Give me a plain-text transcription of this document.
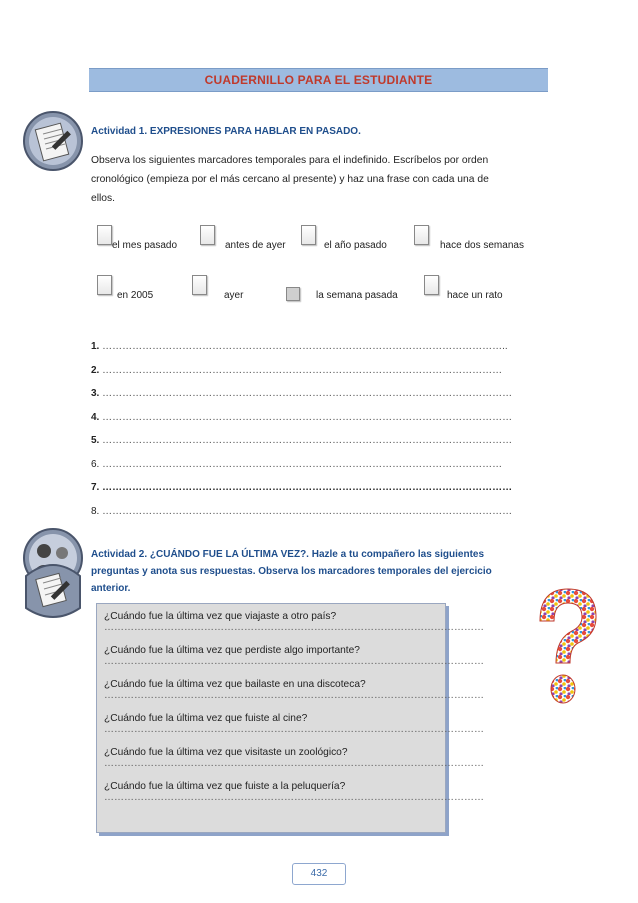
CUADERNILLO PARA EL ESTUDIANTE
Actividad 1. EXPRESIONES PARA HABLAR EN PASADO.
Observa los siguientes marcadores temporales para el indefinido. Escríbelos por orden
cronológico (empieza por el más cercano al presente) y haz una frase con cada una de
ellos.
el mes pasado	antes de ayer	el año pasado	hace dos semanas
en 2005	ayer	la semana pasada	hace un rato
1. …………………………………………………………………………………………………………..
2. …………………………………………………………………………………………………………
3. ……………………………………………………………………………………………………………
4. ……………………………………………………………………………………………………………
5. ……………………………………………………………………………………………………………
6. …………………………………………………………………………………………………………
7. ……………………………………………………………………………………………………………
8. ……………………………………………………………………………………………………………
Actividad 2. ¿CUÁNDO FUE LA ÚLTIMA VEZ?. Hazle a tu compañero las siguientes
preguntas y anota sus respuestas. Observa los marcadores temporales del ejercicio
anterior.
¿Cuándo fue la última vez que viajaste a otro país?
……………………………………………………………………………………………………
¿Cuándo fue la última vez que perdiste algo importante?
……………………………………………………………………………………………………
¿Cuándo fue la última vez que bailaste en una discoteca?
……………………………………………………………………………………………………
¿Cuándo fue la última vez que fuiste al cine?
……………………………………………………………………………………………………
¿Cuándo fue la última vez que visitaste un zoológico?
……………………………………………………………………………………………………
¿Cuándo fue la última vez que fuiste a la peluquería?
……………………………………………………………………………………………………
432
